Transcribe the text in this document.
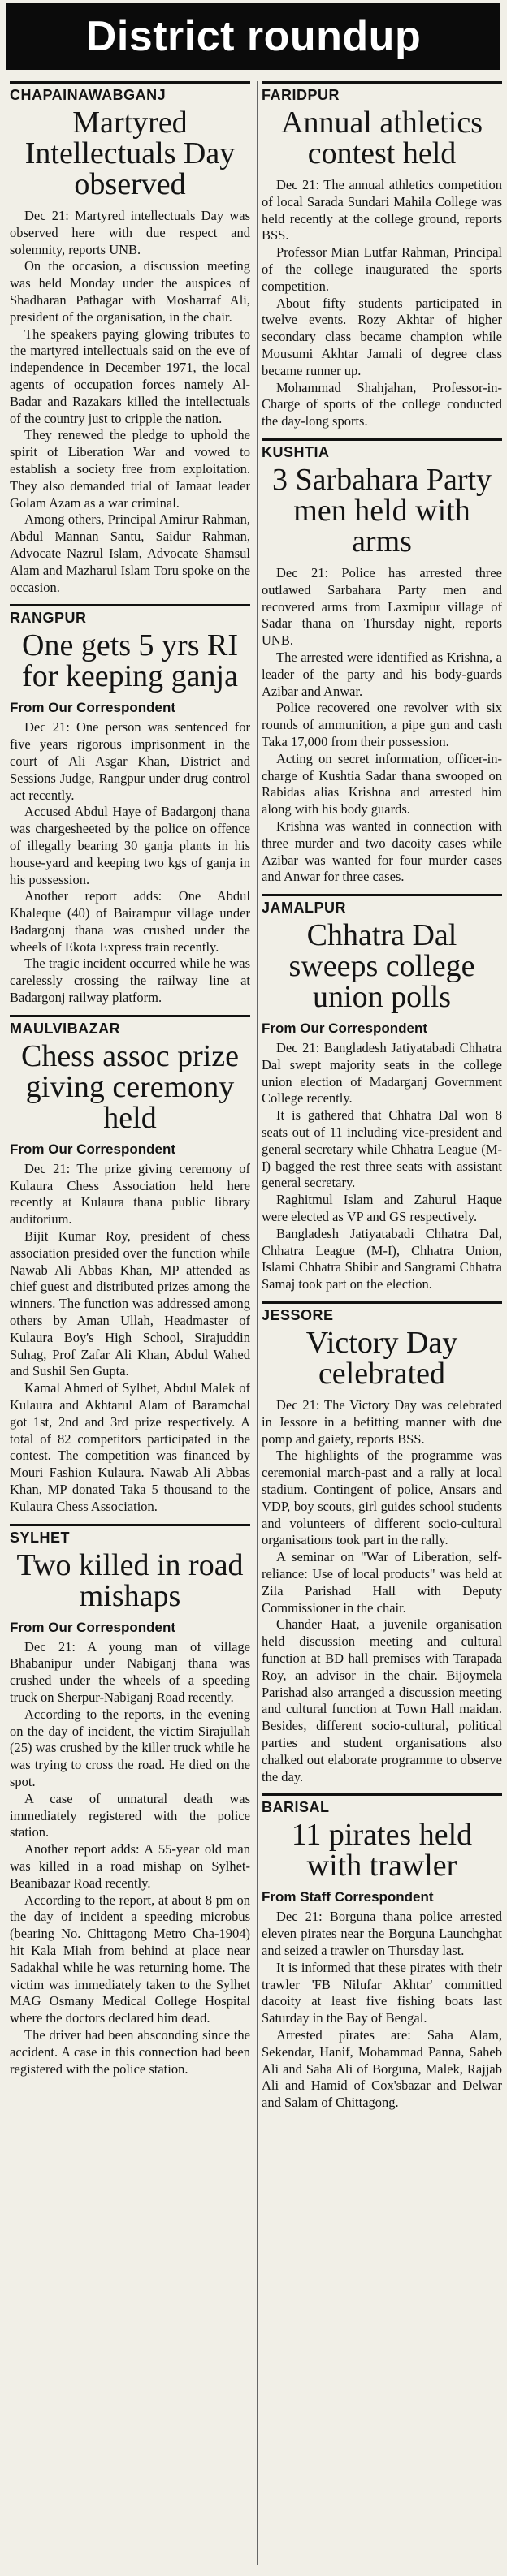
District roundup
CHAPAINAWABGANJ
Martyred Intellectuals Day observed

Dec 21: Martyred intellectuals Day was observed here with due respect and solemnity, reports UNB.

On the occasion, a discussion meeting was held Monday under the auspices of Shadharan Pathagar with Mosharraf Ali, president of the organisation, in the chair.

The speakers paying glowing tributes to the martyred intellectuals said on the eve of independence in December 1971, the local agents of occupation forces namely Al-Badar and Razakars killed the intellectuals of the country just to cripple the nation.

They renewed the pledge to uphold the spirit of Liberation War and vowed to establish a society free from exploitation. They also demanded trial of Jamaat leader Golam Azam as a war criminal.

Among others, Principal Amirur Rahman, Abdul Mannan Santu, Saidur Rahman, Advocate Nazrul Islam, Advocate Shamsul Alam and Mazharul Islam Toru spoke on the occasion.

RANGPUR
One gets 5 yrs RI for keeping ganja
From Our Correspondent

Dec 21: One person was sentenced for five years rigorous imprisonment in the court of Ali Asgar Khan, District and Sessions Judge, Rangpur under drug control act recently.

Accused Abdul Haye of Badargonj thana was chargesheeted by the police on offence of illegally bearing 30 ganja plants in his house-yard and keeping two kgs of ganja in his possession.

Another report adds: One Abdul Khaleque (40) of Bairampur village under Badargonj thana was crushed under the wheels of Ekota Express train recently.

The tragic incident occurred while he was carelessly crossing the railway line at Badargonj railway platform.

MAULVIBAZAR
Chess assoc prize giving ceremony held
From Our Correspondent

Dec 21: The prize giving ceremony of Kulaura Chess Association held here recently at Kulaura thana public library auditorium.

Bijit Kumar Roy, president of chess association presided over the function while Nawab Ali Abbas Khan, MP attended as chief guest and distributed prizes among the winners. The function was addressed among others by Aman Ullah, Headmaster of Kulaura Boy's High School, Sirajuddin Suhag, Prof Zafar Ali Khan, Abdul Wahed and Sushil Sen Gupta.

Kamal Ahmed of Sylhet, Abdul Malek of Kulaura and Akhtarul Alam of Baramchal got 1st, 2nd and 3rd prize respectively. A total of 82 competitors participated in the contest. The competition was financed by Mouri Fashion Kulaura. Nawab Ali Abbas Khan, MP donated Taka 5 thousand to the Kulaura Chess Association.

SYLHET
Two killed in road mishaps
From Our Correspondent

Dec 21: A young man of village Bhabanipur under Nabiganj thana was crushed under the wheels of a speeding truck on Sherpur-Nabiganj Road recently.

According to the reports, in the evening on the day of incident, the victim Sirajullah (25) was crushed by the killer truck while he was trying to cross the road. He died on the spot.

A case of unnatural death was immediately registered with the police station.

Another report adds: A 55-year old man was killed in a road mishap on Sylhet-Beanibazar Road recently.

According to the report, at about 8 pm on the day of incident a speeding microbus (bearing No. Chittagong Metro Cha-1904) hit Kala Miah from behind at place near Sadakhal while he was returning home. The victim was immediately taken to the Sylhet MAG Osmany Medical College Hospital where the doctors declared him dead.

The driver had been absconding since the accident. A case in this connection had been registered with the police station.

FARIDPUR
Annual athletics contest held

Dec 21: The annual athletics competition of local Sarada Sundari Mahila College was held recently at the college ground, reports BSS.

Professor Mian Lutfar Rahman, Principal of the college inaugurated the sports competition.

About fifty students participated in twelve events. Rozy Akhtar of higher secondary class became champion while Mousumi Akhtar Jamali of degree class became runner up.

Mohammad Shahjahan, Professor-in-Charge of sports of the college conducted the day-long sports.

KUSHTIA
3 Sarbahara Party men held with arms

Dec 21: Police has arrested three outlawed Sarbahara Party men and recovered arms from Laxmipur village of Sadar thana on Thursday night, reports UNB.

The arrested were identified as Krishna, a leader of the party and his body-guards Azibar and Anwar.

Police recovered one revolver with six rounds of ammunition, a pipe gun and cash Taka 17,000 from their possession.

Acting on secret information, officer-in-charge of Kushtia Sadar thana swooped on Rabidas alias Krishna and arrested him along with his body guards.

Krishna was wanted in connection with three murder and two dacoity cases while Azibar was wanted for four murder cases and Anwar for three cases.

JAMALPUR
Chhatra Dal sweeps college union polls
From Our Correspondent

Dec 21: Bangladesh Jatiyatabadi Chhatra Dal swept majority seats in the college union election of Madarganj Government College recently.

It is gathered that Chhatra Dal won 8 seats out of 11 including vice-president and general secretary while Chhatra League (M-I) bagged the rest three seats with assistant general secretary.

Raghitmul Islam and Zahurul Haque were elected as VP and GS respectively.

Bangladesh Jatiyatabadi Chhatra Dal, Chhatra League (M-I), Chhatra Union, Islami Chhatra Shibir and Sangrami Chhatra Samaj took part on the election.

JESSORE
Victory Day celebrated

Dec 21: The Victory Day was celebrated in Jessore in a befitting manner with due pomp and gaiety, reports BSS.

The highlights of the programme was ceremonial march-past and a rally at local stadium. Contingent of police, Ansars and VDP, boy scouts, girl guides school students and volunteers of different socio-cultural organisations took part in the rally.

A seminar on "War of Liberation, self-reliance: Use of local products" was held at Zila Parishad Hall with Deputy Commissioner in the chair.

Chander Haat, a juvenile organisation held discussion meeting and cultural function at BD hall premises with Tarapada Roy, an advisor in the chair. Bijoymela Parishad also arranged a discussion meeting and cultural function at Town Hall maidan. Besides, different socio-cultural, political parties and student organisations also chalked out elaborate programme to observe the day.

BARISAL
11 pirates held with trawler
From Staff Correspondent

Dec 21: Borguna thana police arrested eleven pirates near the Borguna Launchghat and seized a trawler on Thursday last.

It is informed that these pirates with their trawler 'FB Nilufar Akhtar' committed dacoity at least five fishing boats last Saturday in the Bay of Bengal.

Arrested pirates are: Saha Alam, Sekendar, Hanif, Mohammad Panna, Saheb Ali and Saha Ali of Borguna, Malek, Rajjab Ali and Hamid of Cox'sbazar and Delwar and Salam of Chittagong.
